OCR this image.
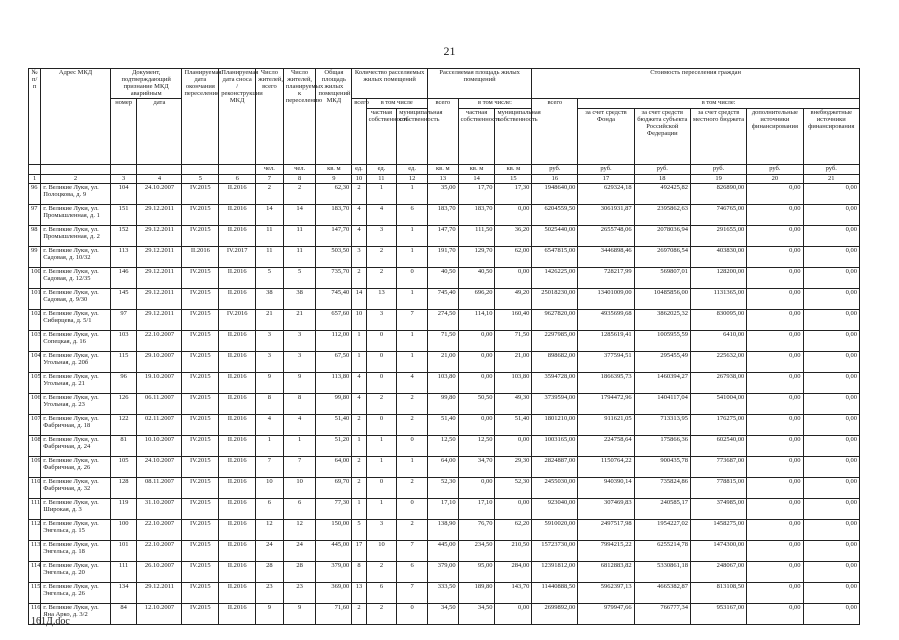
21
№ п/п	Адрес МКД	Документ, подтверждающий признание МКД аварийным		Планируемая дата окончания переселения	Планируемая дата сноса / реконструкции МКД	Число жителей, всего	Число жителей, планируемых к переселению	Общая площадь жилых помещений МКД	Количество расселяемых жилых помещений			Расселяемая площадь жилых помещений			Стоимость переселения граждан					
		номер	дата						всего	в том числе		всего	в том числе:		всего	в том числе:				
										частная собственность	муниципальная собственность		частная собственность	муниципальная собственность		за счет средств Фонда	за счет средств бюджета субъекта Российской Федерации	за счет средств местного бюджета	дополнительные источники финансирования	внебюджетные источники финансирования
						чел.	чел.	кв. м	ед.	ед.	ед.	кв. м	кв. м	кв. м	руб.	руб.	руб.	руб.	руб.	руб.
1	2	3	4	5	6	7	8	9	10	11	12	13	14	15	16	17	18	19	20	21
96	г. Великие Луки, ул. Полоцкова, д. 9	104	24.10.2007	IV.2015	II.2016	2	2	62,30	2	1	1	35,00	17,70	17,30	1948640,00	629324,18	492425,82	826890,00	0,00	0,00
97	г. Великие Луки, ул. Промышленная, д. 1	151	29.12.2011	IV.2015	II.2016	14	14	183,70	4	4	6	183,70	183,70	0,00	6204559,50	3061931,87	2395862,63	746765,00	0,00	0,00
98	г. Великие Луки, ул. Промышленная, д. 2	152	29.12.2011	IV.2015	II.2016	11	11	147,70	4	3	1	147,70	111,50	36,20	5025440,00	2655748,06	2078036,94	291655,00	0,00	0,00
99	г. Великие Луки, ул. Садовая, д. 10/32	113	29.12.2011	II.2016	IV.2017	11	11	503,50	3	2	1	191,70	129,70	62,00	6547815,00	3446898,46	2697086,54	403830,00	0,00	0,00
100	г. Великие Луки, ул. Садовая, д. 12/35	146	29.12.2011	IV.2015	II.2016	5	5	735,70	2	2	0	40,50	40,50	0,00	1426225,00	728217,99	569807,01	128200,00	0,00	0,00
101	г. Великие Луки, ул. Садовая, д. 9/30	145	29.12.2011	IV.2015	II.2016	38	38	745,40	14	13	1	745,40	696,20	49,20	25018230,00	13401009,00	10485856,00	1131365,00	0,00	0,00
102	г. Великие Луки, ул. Сибирцева, д. 5/1	97	29.12.2011	IV.2015	IV.2016	21	21	657,60	10	3	7	274,50	114,10	160,40	9627820,00	4935699,68	3862025,32	830095,00	0,00	0,00
103	г. Великие Луки, ул. Сопецкая, д. 16	103	22.10.2007	IV.2015	II.2016	3	3	112,00	1	0	1	71,50	0,00	71,50	2297985,00	1285619,41	1005955,59	6410,00	0,00	0,00
104	г. Великие Луки, ул. Угольная, д. 20б	115	29.10.2007	IV.2015	II.2016	3	3	67,50	1	0	1	21,00	0,00	21,00	898682,00	377594,51	295455,49	225632,00	0,00	0,00
105	г. Великие Луки, ул. Угольная, д. 21	96	19.10.2007	IV.2015	II.2016	9	9	113,80	4	0	4	103,80	0,00	103,80	3594728,00	1866395,73	1460394,27	267938,00	0,00	0,00
106	г. Великие Луки, ул. Угольная, д. 23	126	06.11.2007	IV.2015	II.2016	8	8	99,80	4	2	2	99,80	50,50	49,30	3739594,00	1794472,96	1404117,04	541004,00	0,00	0,00
107	г. Великие Луки, ул. Фабричная, д. 18	122	02.11.2007	IV.2015	II.2016	4	4	51,40	2	0	2	51,40	0,00	51,40	1801210,00	911621,05	713313,95	176275,00	0,00	0,00
108	г. Великие Луки, ул. Фабричная, д. 24	81	10.10.2007	IV.2015	II.2016	1	1	51,20	1	1	0	12,50	12,50	0,00	1003165,00	224758,64	175866,36	602540,00	0,00	0,00
109	г. Великие Луки, ул. Фабричная, д. 26	105	24.10.2007	IV.2015	II.2016	7	7	64,00	2	1	1	64,00	34,70	29,30	2824887,00	1150764,22	900435,78	773687,00	0,00	0,00
110	г. Великие Луки, ул. Фабричная, д. 32	128	08.11.2007	IV.2015	II.2016	10	10	69,70	2	0	2	52,30	0,00	52,30	2455030,00	940390,14	735824,86	778815,00	0,00	0,00
111	г. Великие Луки, ул. Широкая, д. 3	119	31.10.2007	IV.2015	II.2016	6	6	77,30	1	1	0	17,10	17,10	0,00	923040,00	307469,83	240585,17	374985,00	0,00	0,00
112	г. Великие Луки, ул. Энгельса, д. 15	100	22.10.2007	IV.2015	II.2016	12	12	150,00	5	3	2	138,90	76,70	62,20	5910020,00	2497517,98	1954227,02	1458275,00	0,00	0,00
113	г. Великие Луки, ул. Энгельса, д. 18	101	22.10.2007	IV.2015	II.2016	24	24	445,00	17	10	7	445,00	234,50	210,50	15723730,00	7994215,22	6255214,78	1474300,00	0,00	0,00
114	г. Великие Луки, ул. Энгельса, д. 20	111	26.10.2007	IV.2015	II.2016	28	28	379,00	8	2	6	379,00	95,00	284,00	12391812,00	6812883,82	5330861,18	248067,00	0,00	0,00
115	г. Великие Луки, ул. Энгельса, д. 26	134	29.12.2011	IV.2015	II.2016	23	23	369,00	13	6	7	333,50	189,80	143,70	11440888,50	5962397,13	4665382,87	813108,50	0,00	0,00
116	г. Великие Луки, ул. Яна Арко, д. 3/2	84	12.10.2007	IV.2015	II.2016	9	9	71,60	2	2	0	34,50	34,50	0,00	2699892,00	979947,66	766777,34	953167,00	0,00	0,00
161Д.doc
